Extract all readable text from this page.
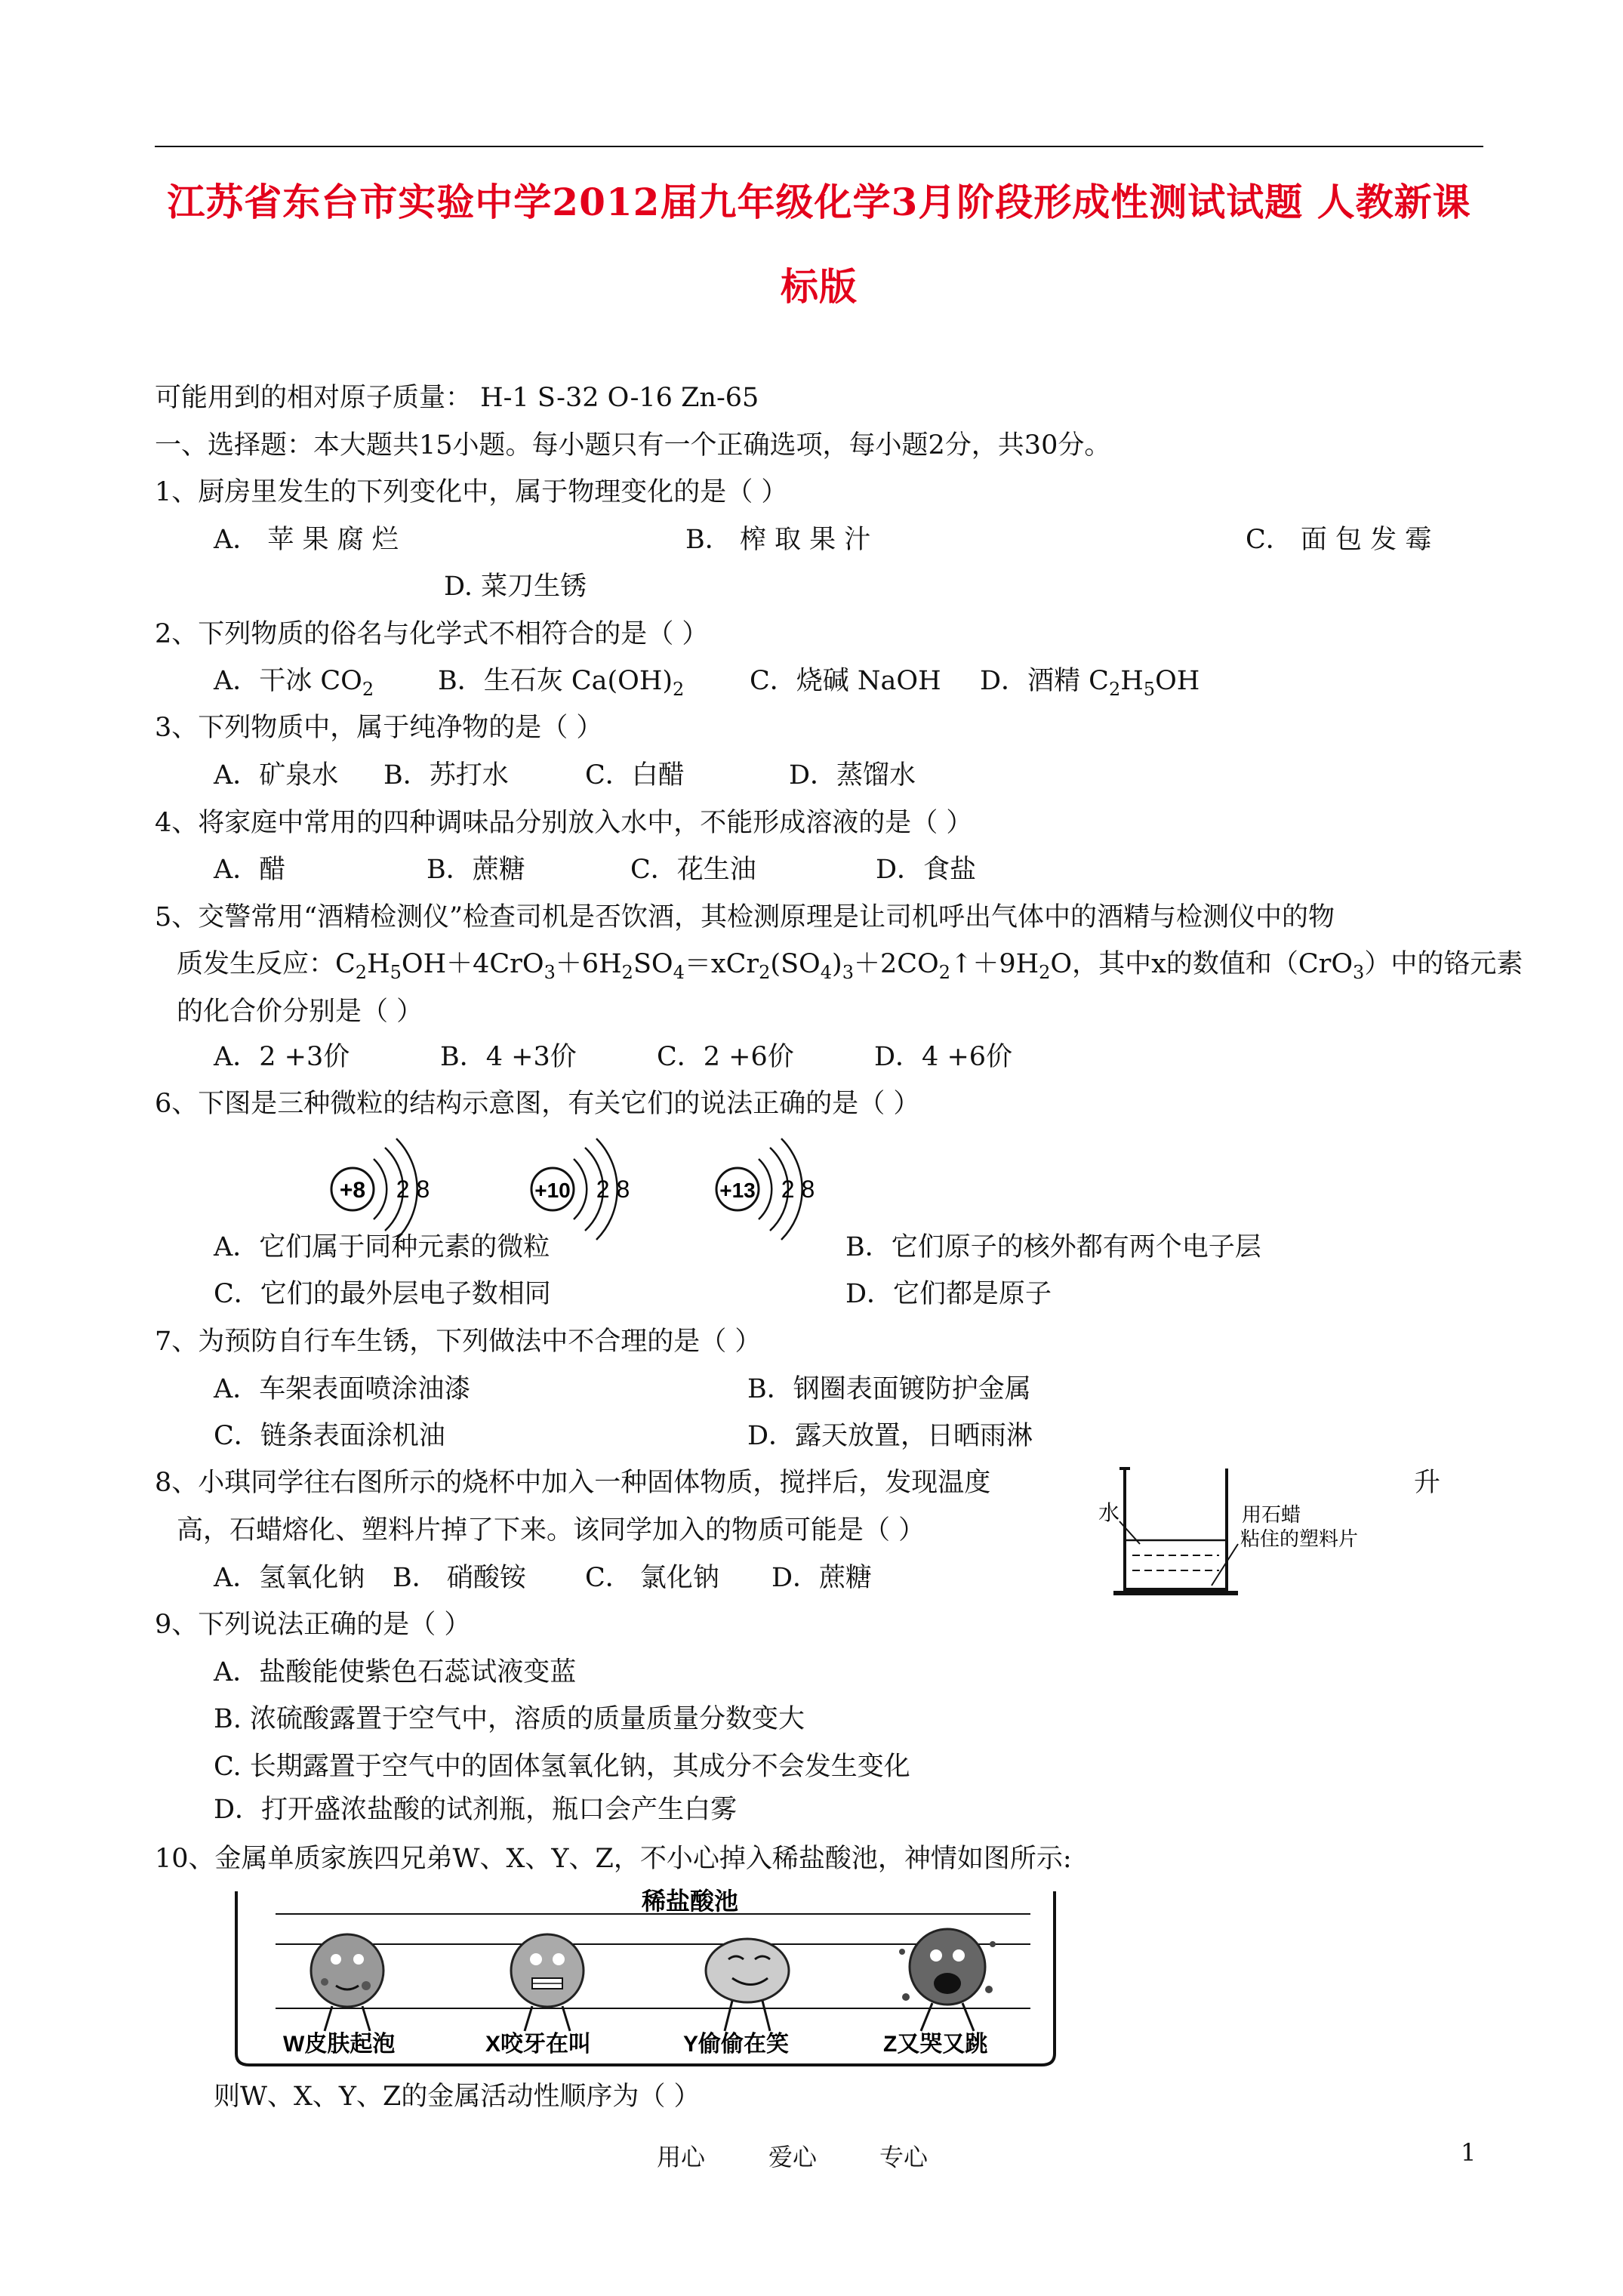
江苏省东台市实验中学2012届九年级化学3月阶段形成性测试试题 人教新课
标版
可能用到的相对原子质量： H-1 S-32 O-16 Zn-65
一、选择题：本大题共15小题。每小题只有一个正确选项，每小题2分，共30分。
1、厨房里发生的下列变化中，属于物理变化的是（ ）
A． 苹 果 腐 烂	B． 榨 取 果 汁	C． 面 包 发 霉
D. 菜刀生锈
2、下列物质的俗名与化学式不相符合的是（ ）
A．干冰 $CO_2$ B．生石灰 $Ca(OH)_2$ C．烧碱 NaOH D．酒精 $C_2H_5OH$
3、下列物质中，属于纯净物的是（ ）
A．矿泉水 B．苏打水	C．白醋	D．蒸馏水
4、将家庭中常用的四种调味品分别放入水中，不能形成溶液的是（ ）
A．醋	B．蔗糖	C．花生油	D．食盐
5、交警常用“酒精检测仪”检查司机是否饮酒，其检测原理是让司机呼出气体中的酒精与检测仪中的物
质发生反应：$C_2H_5OH+4CrO_3+6H_2SO_4=xCr_2(SO_4)_3+2CO_2↑+9H_2O$，其中x的数值和（CrO$_3$）中的铬元素
的化合价分别是（ ）
A．2 +3价	B．4 +3价	C．2 +6价	D．4 +6价
6、下图是三种微粒的结构示意图，有关它们的说法正确的是（ ）
+8 2 8	+10 2 8	+13 2 8
A．它们属于同种元素的微粒	B．它们原子的核外都有两个电子层
C．它们的最外层电子数相同	D．它们都是原子
7、为预防自行车生锈，下列做法中不合理的是（ ）
A．车架表面喷涂油漆	B．钢圈表面镀防护金属
C．链条表面涂机油	D．露天放置，日晒雨淋
8、小琪同学往右图所示的烧杯中加入一种固体物质，搅拌后，发现温度	升
高，石蜡熔化、塑料片掉了下来。该同学加入的物质可能是（ ）
A．氢氧化钠 B． 硝酸铵 C． 氯化钠 D．蔗糖
水	用石蜡
粘住的塑料片
9、下列说法正确的是（ ）
A．盐酸能使紫色石蕊试液变蓝
B. 浓硫酸露置于空气中，溶质的质量质量分数变大
C. 长期露置于空气中的固体氢氧化钠，其成分不会发生变化
D．打开盛浓盐酸的试剂瓶，瓶口会产生白雾
10、金属单质家族四兄弟W、X、Y、Z，不小心掉入稀盐酸池，神情如图所示:
稀盐酸池
W皮肤起泡	X咬牙在叫	Y偷偷在笑	Z又哭又跳
则W、X、Y、Z的金属活动性顺序为（ ）
用心	爱心	专心	1
